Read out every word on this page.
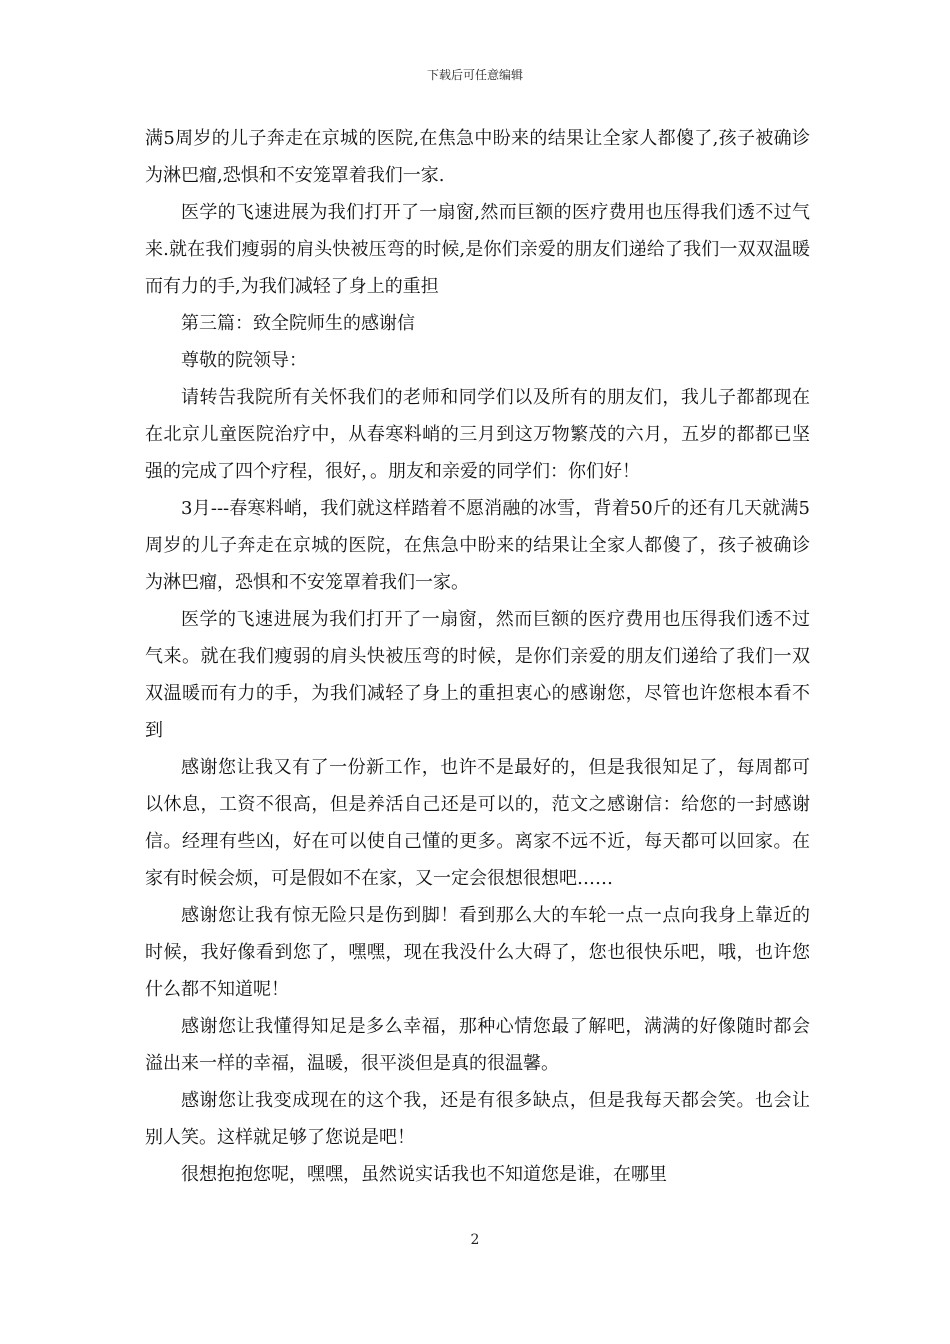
下载后可任意编辑

满5周岁的儿子奔走在京城的医院,在焦急中盼来的结果让全家人都傻了,孩子被确诊为淋巴瘤,恐惧和不安笼罩着我们一家.

医学的飞速进展为我们打开了一扇窗,然而巨额的医疗费用也压得我们透不过气来.就在我们瘦弱的肩头快被压弯的时候,是你们亲爱的朋友们递给了我们一双双温暖而有力的手,为我们减轻了身上的重担

第三篇：致全院师生的感谢信

尊敬的院领导：

请转告我院所有关怀我们的老师和同学们以及所有的朋友们，我儿子都都现在在北京儿童医院治疗中，从春寒料峭的三月到这万物繁茂的六月，五岁的都都已坚强的完成了四个疗程，很好，。朋友和亲爱的同学们：你们好！

3月---春寒料峭，我们就这样踏着不愿消融的冰雪，背着50斤的还有几天就满5周岁的儿子奔走在京城的医院，在焦急中盼来的结果让全家人都傻了，孩子被确诊为淋巴瘤，恐惧和不安笼罩着我们一家。

医学的飞速进展为我们打开了一扇窗，然而巨额的医疗费用也压得我们透不过气来。就在我们瘦弱的肩头快被压弯的时候，是你们亲爱的朋友们递给了我们一双双温暖而有力的手，为我们减轻了身上的重担衷心的感谢您，尽管也许您根本看不到

感谢您让我又有了一份新工作，也许不是最好的，但是我很知足了，每周都可以休息，工资不很高，但是养活自己还是可以的，范文之感谢信：给您的一封感谢信。经理有些凶，好在可以使自己懂的更多。离家不远不近，每天都可以回家。在家有时候会烦，可是假如不在家，又一定会很想很想吧……

感谢您让我有惊无险只是伤到脚！看到那么大的车轮一点一点向我身上靠近的时候，我好像看到您了，嘿嘿，现在我没什么大碍了，您也很快乐吧，哦，也许您什么都不知道呢！

感谢您让我懂得知足是多么幸福，那种心情您最了解吧，满满的好像随时都会溢出来一样的幸福，温暖，很平淡但是真的很温馨。

感谢您让我变成现在的这个我，还是有很多缺点，但是我每天都会笑。也会让别人笑。这样就足够了您说是吧！

很想抱抱您呢，嘿嘿，虽然说实话我也不知道您是谁，在哪里

2
